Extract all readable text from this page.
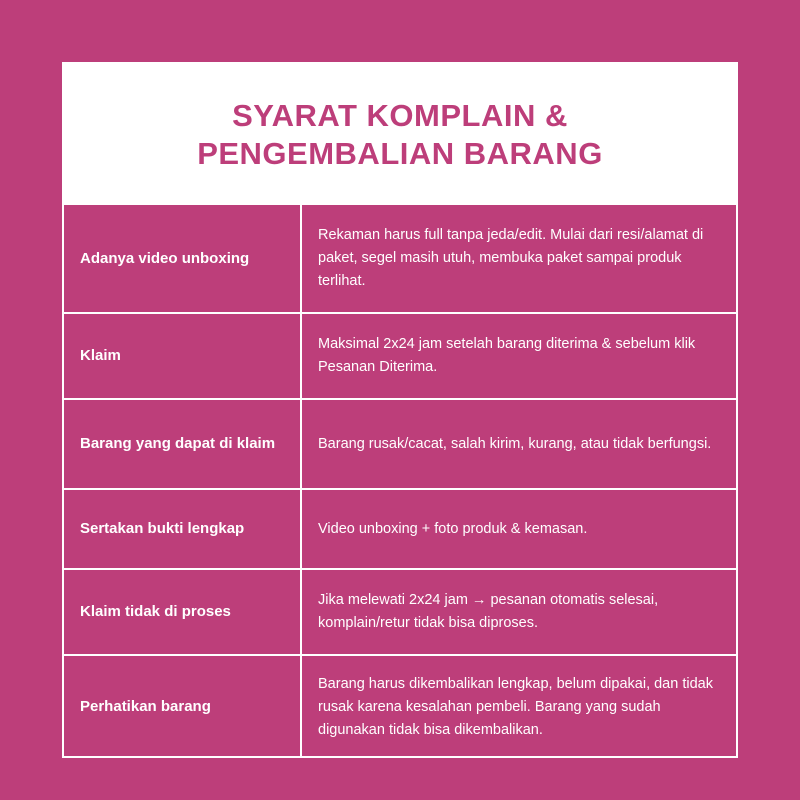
SYARAT KOMPLAIN &
PENGEMBALIAN BARANG
Adanya video unboxing
Rekaman harus full tanpa jeda/edit. Mulai dari resi/alamat di paket, segel masih utuh, membuka paket sampai produk terlihat.
Klaim
Maksimal 2x24 jam setelah barang diterima & sebelum klik Pesanan Diterima.
Barang yang dapat di klaim	Barang rusak/cacat, salah kirim, kurang, atau tidak berfungsi.
Sertakan bukti lengkap	Video unboxing + foto produk & kemasan.
Klaim tidak di proses
Jika melewati 2x24 jam → pesanan otomatis selesai, komplain/retur tidak bisa diproses.
Perhatikan barang
Barang harus dikembalikan lengkap, belum dipakai, dan tidak rusak karena kesalahan pembeli. Barang yang sudah digunakan tidak bisa dikembalikan.
